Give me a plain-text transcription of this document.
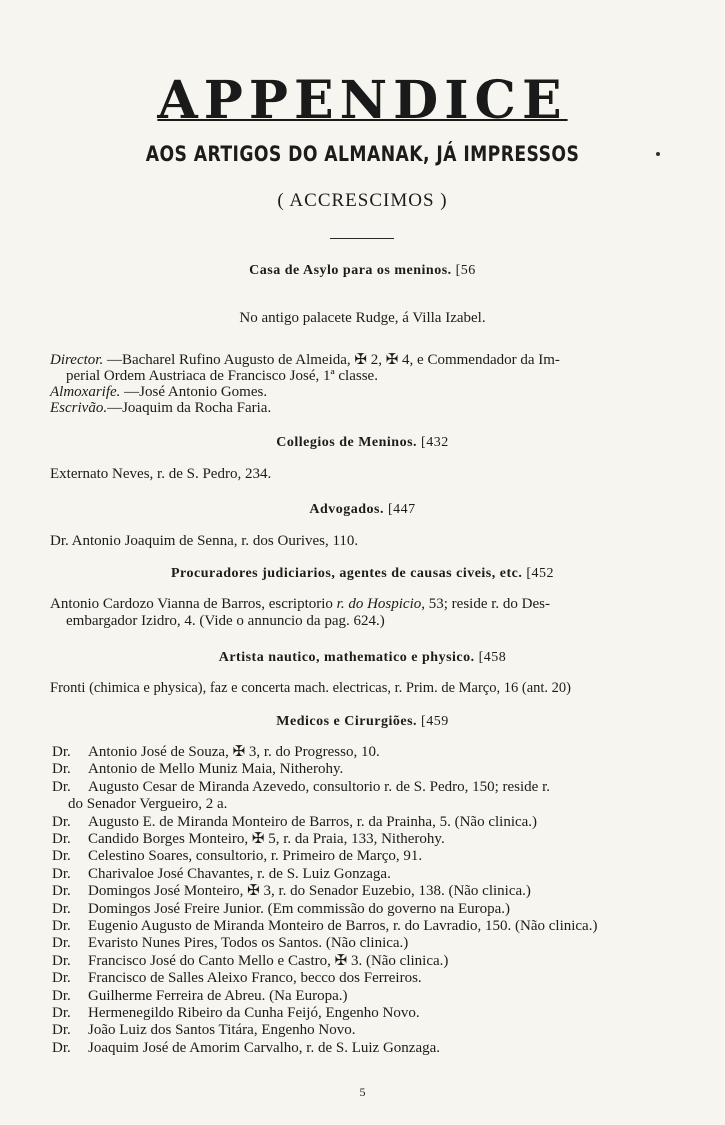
APPENDICE
AOS ARTIGOS DO ALMANAK, JÁ IMPRESSOS
( ACCRESCIMOS )
Casa de Asylo para os meninos. [56
No antigo palacete Rudge, á Villa Izabel.
Director. —Bacharel Rufino Augusto de Almeida, ✠ 2, ✠ 4, e Commendador da Im-
perial Ordem Austriaca de Francisco José, 1ª classe.
Almoxarife. —José Antonio Gomes.
Escrivão.—Joaquim da Rocha Faria.
Collegios de Meninos. [432
Externato Neves, r. de S. Pedro, 234.
Advogados. [447
Dr. Antonio Joaquim de Senna, r. dos Ourives, 110.
Procuradores judiciarios, agentes de causas civeis, etc. [452
Antonio Cardozo Vianna de Barros, escriptorio r. do Hospicio, 53; reside r. do Des-
embargador Izidro, 4. (Vide o annuncio da pag. 624.)
Artista nautico, mathematico e physico. [458
Fronti (chimica e physica), faz e concerta mach. electricas, r. Prim. de Março, 16 (ant. 20)
Medicos e Cirurgiões. [459
Dr. Antonio José de Souza, ✠ 3, r. do Progresso, 10.
Dr. Antonio de Mello Muniz Maia, Nitherohy.
Dr. Augusto Cesar de Miranda Azevedo, consultorio r. de S. Pedro, 150; reside r.
do Senador Vergueiro, 2 a.
Dr. Augusto E. de Miranda Monteiro de Barros, r. da Prainha, 5. (Não clinica.)
Dr. Candido Borges Monteiro, ✠ 5, r. da Praia, 133, Nitherohy.
Dr. Celestino Soares, consultorio, r. Primeiro de Março, 91.
Dr. Charivaloe José Chavantes, r. de S. Luiz Gonzaga.
Dr. Domingos José Monteiro, ✠ 3, r. do Senador Euzebio, 138. (Não clinica.)
Dr. Domingos José Freire Junior. (Em commissão do governo na Europa.)
Dr. Eugenio Augusto de Miranda Monteiro de Barros, r. do Lavradio, 150. (Não clinica.)
Dr. Evaristo Nunes Pires, Todos os Santos. (Não clinica.)
Dr. Francisco José do Canto Mello e Castro, ✠ 3. (Não clinica.)
Dr. Francisco de Salles Aleixo Franco, becco dos Ferreiros.
Dr. Guilherme Ferreira de Abreu. (Na Europa.)
Dr. Hermenegildo Ribeiro da Cunha Feijó, Engenho Novo.
Dr. João Luiz dos Santos Titára, Engenho Novo.
Dr. Joaquim José de Amorim Carvalho, r. de S. Luiz Gonzaga.
5
